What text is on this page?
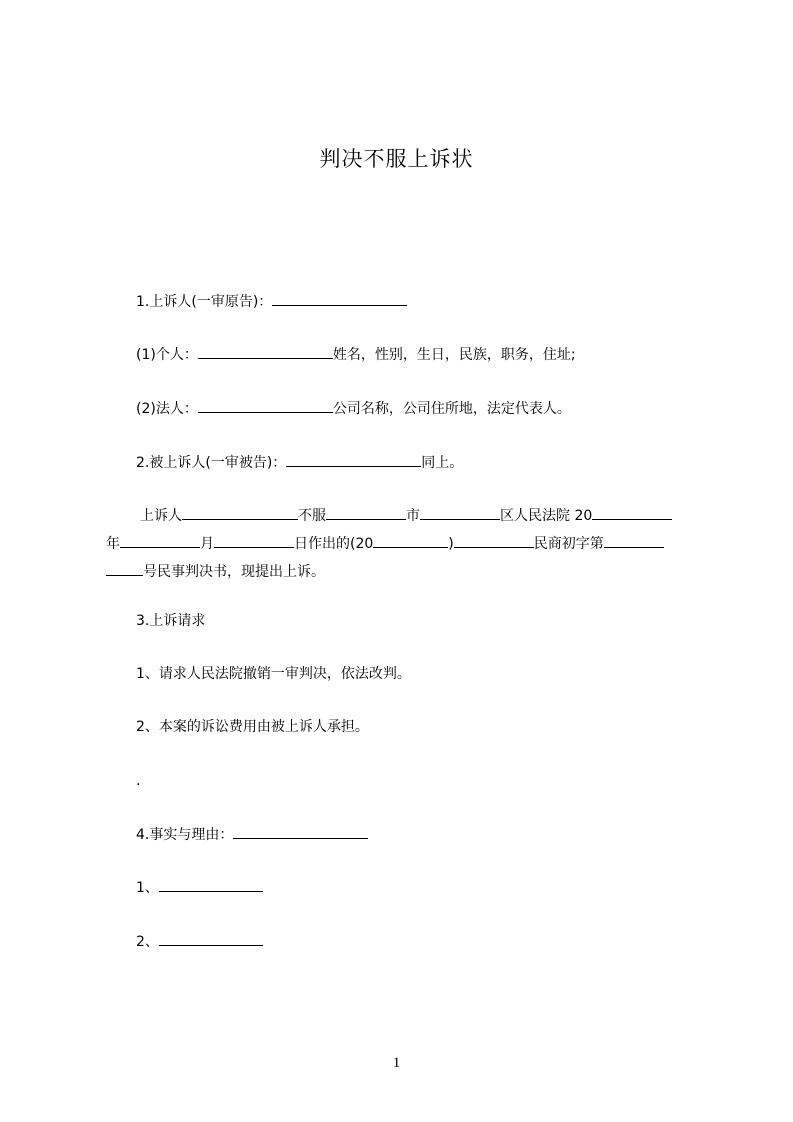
判决不服上诉状
1.上诉人(一审原告)：
(1)个人：	姓名，性别，生日，民族，职务，住址;
(2)法人：	公司名称，公司住所地，法定代表人。
2.被上诉人(一审被告)：	同上。
上诉人	不服	市	区人民法院 20
年	月	日作出的(20	)	民商初字第
号民事判决书，现提出上诉。
3.上诉请求
1、请求人民法院撤销一审判决，依法改判。
2、本案的诉讼费用由被上诉人承担。
.
4.事实与理由：
1、
2、
1
